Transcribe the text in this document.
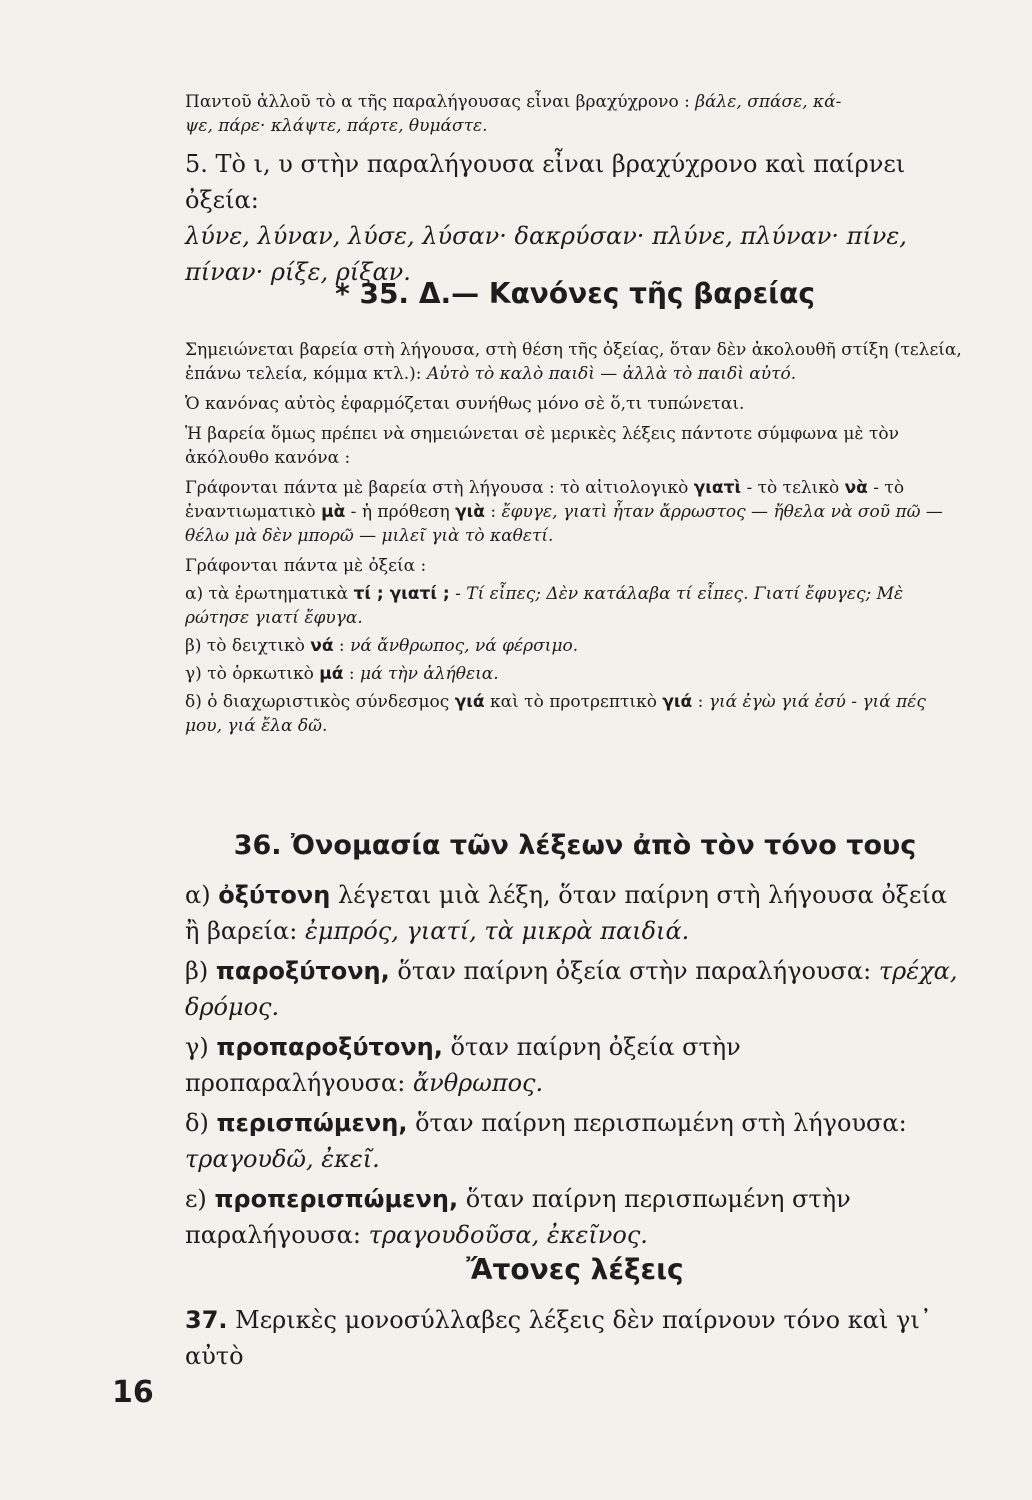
Παντοῦ ἀλλοῦ τὸ α τῆς παραλήγουσας εἶναι βραχύχρονο : βάλε, σπάσε, κά-

ψε, πάρε· κλάψτε, πάρτε, θυμάστε.

5. Τὸ ι, υ στὴν παραλήγουσα εἶναι βραχύχρονο καὶ παίρνει ὀξεία:

λύνε, λύναν, λύσε, λύσαν· δακρύσαν· πλύνε, πλύναν· πίνε, πίναν· ρίξε, ρίξαν.

* 35. Δ.— Κανόνες τῆς βαρείας

Σημειώνεται βαρεία στὴ λήγουσα, στὴ θέση τῆς ὀξείας, ὅταν δὲν ἀκολουθῆ στίξη (τελεία, ἐπάνω τελεία, κόμμα κτλ.): Αὐτὸ τὸ καλὸ παιδὶ — ἀλλὰ τὸ παιδὶ αὐτό.

Ὁ κανόνας αὐτὸς ἐφαρμόζεται συνήθως μόνο σὲ ὅ,τι τυπώνεται.

Ἡ βαρεία ὅμως πρέπει νὰ σημειώνεται σὲ μερικὲς λέξεις πάντοτε σύμφωνα μὲ τὸν ἀκόλουθο κανόνα :

Γράφονται πάντα μὲ βαρεία στὴ λήγουσα : τὸ αἰτιολογικὸ γιατὶ - τὸ τελικὸ νὰ - τὸ ἐναντιωματικὸ μὰ - ἡ πρόθεση γιὰ : ἔφυγε, γιατὶ ἦταν ἄρρωστος — ἤθελα νὰ σοῦ πῶ — θέλω μὰ δὲν μπορῶ — μιλεῖ γιὰ τὸ καθετί.

Γράφονται πάντα μὲ ὀξεία :

α) τὰ ἐρωτηματικὰ τί ; γιατί ; - Τί εἶπες; Δὲν κατάλαβα τί εἶπες. Γιατί ἔφυγες; Μὲ ρώτησε γιατί ἔφυγα.

β) τὸ δειχτικὸ νά : νά ἄνθρωπος, νά φέρσιμο.

γ) τὸ ὁρκωτικὸ μά : μά τὴν ἀλήθεια.

δ) ὁ διαχωριστικὸς σύνδεσμος γιά καὶ τὸ προτρεπτικὸ γιά : γιά ἐγὼ γιά ἐσύ - γιά πές μου, γιά ἔλα δῶ.

36. Ὀνομασία τῶν λέξεων ἀπὸ τὸν τόνο τους

α) ὀξύτονη λέγεται μιὰ λέξη, ὅταν παίρνη στὴ λήγουσα ὀξεία ἢ βαρεία: ἐμπρός, γιατί, τὰ μικρὰ παιδιά.

β) παροξύτονη, ὅταν παίρνη ὀξεία στὴν παραλήγουσα: τρέχα, δρόμος.

γ) προπαροξύτονη, ὅταν παίρνη ὀξεία στὴν προπαραλήγουσα: ἄνθρωπος.

δ) περισπώμενη, ὅταν παίρνη περισπωμένη στὴ λήγουσα: τραγουδῶ, ἐκεῖ.

ε) προπερισπώμενη, ὅταν παίρνη περισπωμένη στὴν παραλήγουσα: τραγουδοῦσα, ἐκεῖνος.

Ἄτονες λέξεις

37. Μερικὲς μονοσύλλαβες λέξεις δὲν παίρνουν τόνο καὶ γι᾽ αὐτὸ

16
